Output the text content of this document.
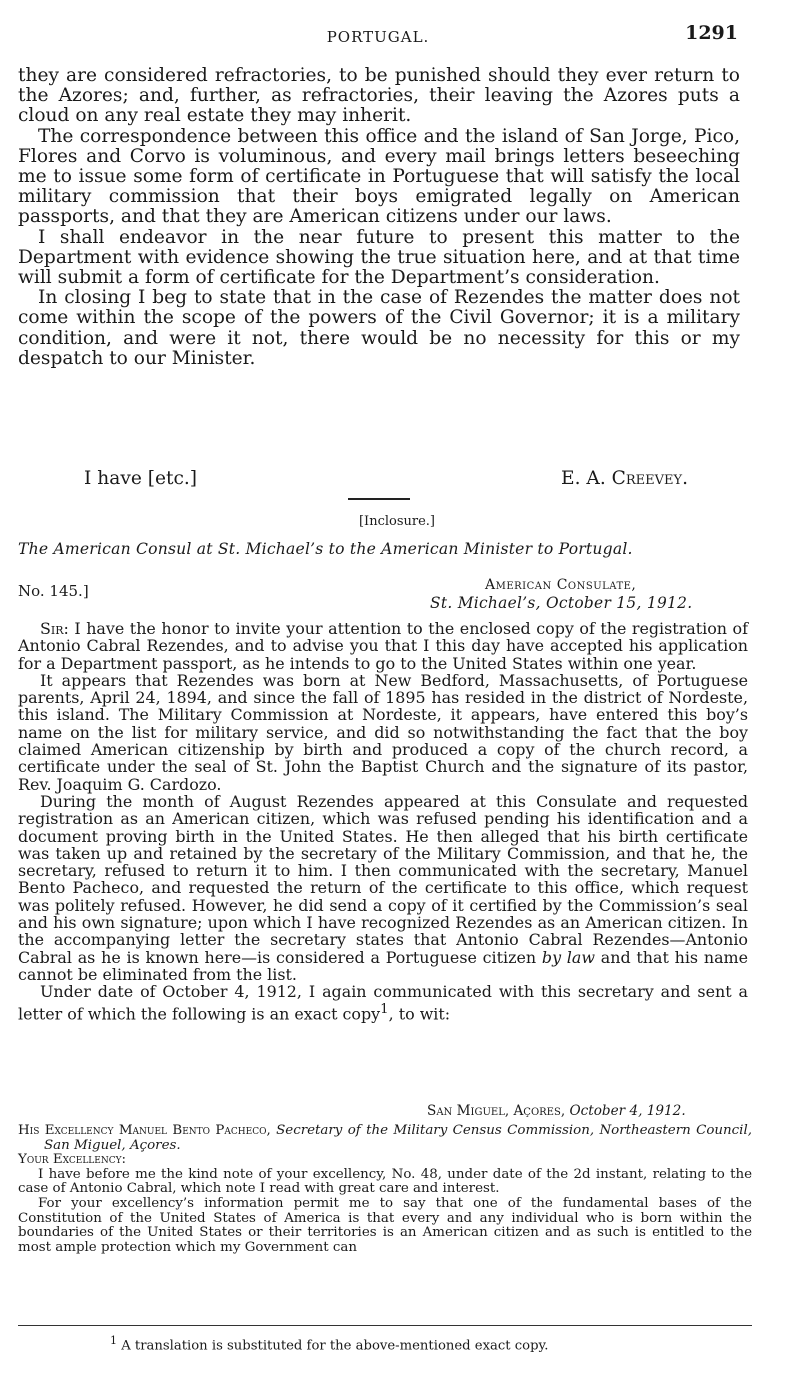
PORTUGAL.	1291

they are considered refractories, to be punished should they ever return to the Azores; and, further, as refractories, their leaving the Azores puts a cloud on any real estate they may inherit.

The correspondence between this office and the island of San Jorge, Pico, Flores and Corvo is voluminous, and every mail brings letters beseeching me to issue some form of certificate in Portuguese that will satisfy the local military commission that their boys emigrated legally on American passports, and that they are American citizens under our laws.

I shall endeavor in the near future to present this matter to the Department with evidence showing the true situation here, and at that time will submit a form of certificate for the Department’s consideration.

In closing I beg to state that in the case of Rezendes the matter does not come within the scope of the powers of the Civil Governor; it is a military condition, and were it not, there would be no necessity for this or my despatch to our Minister.

I have [etc.]	E. A. Creevey.
[Inclosure.]
The American Consul at St. Michael’s to the American Minister to Portugal.
No. 145.]	American Consulate,
St. Michael’s, October 15, 1912.

Sir: I have the honor to invite your attention to the enclosed copy of the registration of Antonio Cabral Rezendes, and to advise you that I this day have accepted his application for a Department passport, as he intends to go to the United States within one year.

It appears that Rezendes was born at New Bedford, Massachusetts, of Portuguese parents, April 24, 1894, and since the fall of 1895 has resided in the district of Nordeste, this island. The Military Commission at Nordeste, it appears, have entered this boy’s name on the list for military service, and did so notwithstanding the fact that the boy claimed American citizenship by birth and produced a copy of the church record, a certificate under the seal of St. John the Baptist Church and the signature of its pastor, Rev. Joaquim G. Cardozo.

During the month of August Rezendes appeared at this Consulate and requested registration as an American citizen, which was refused pending his identification and a document proving birth in the United States. He then alleged that his birth certificate was taken up and retained by the secretary of the Military Commission, and that he, the secretary, refused to return it to him. I then communicated with the secretary, Manuel Bento Pacheco, and requested the return of the certificate to this office, which request was politely refused. However, he did send a copy of it certified by the Commission’s seal and his own signature; upon which I have recognized Rezendes as an American citizen. In the accompanying letter the secretary states that Antonio Cabral Rezendes—Antonio Cabral as he is known here—is considered a Portuguese citizen by law and that his name cannot be eliminated from the list.

Under date of October 4, 1912, I again communicated with this secretary and sent a letter of which the following is an exact copy$^1$, to wit:

San Miguel, Açores, October 4, 1912.

His Excellency Manuel Bento Pacheco, Secretary of the Military Census Commission, Northeastern Council, San Miguel, Açores.

Your Excellency:

I have before me the kind note of your excellency, No. 48, under date of the 2d instant, relating to the case of Antonio Cabral, which note I read with great care and interest.

For your excellency’s information permit me to say that one of the fundamental bases of the Constitution of the United States of America is that every and any individual who is born within the boundaries of the United States or their territories is an American citizen and as such is entitled to the most ample protection which my Government can

$^1$ A translation is substituted for the above-mentioned exact copy.
